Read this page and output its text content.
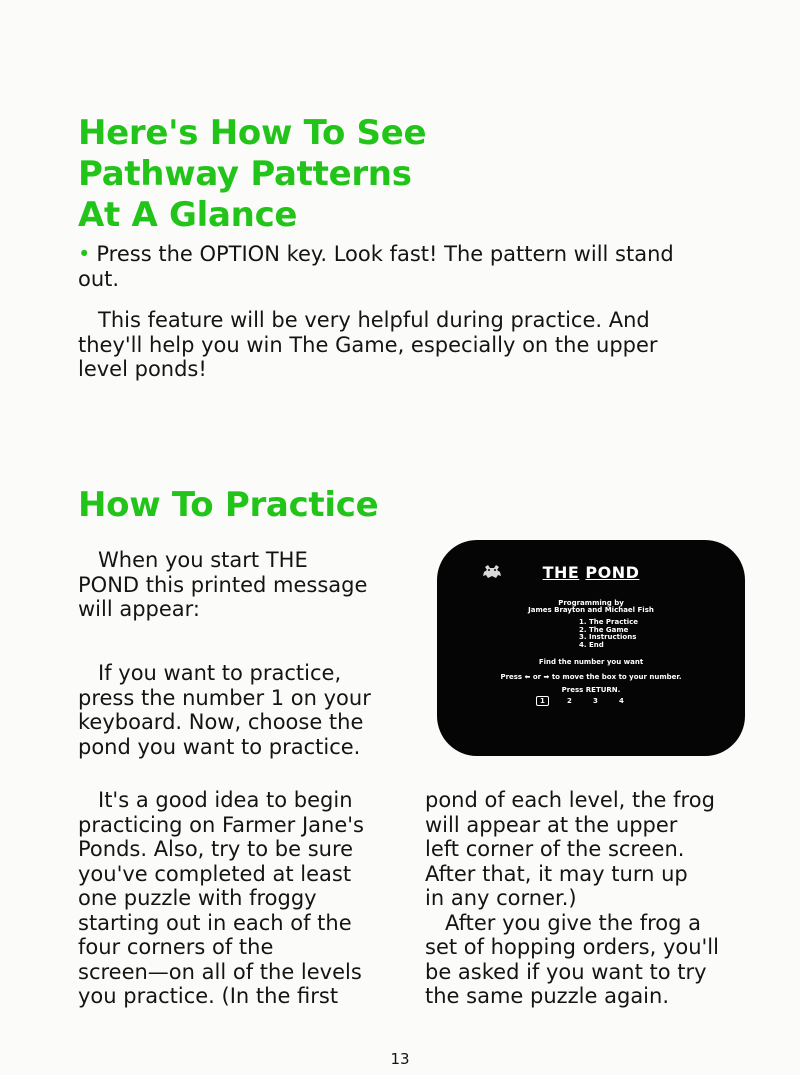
Here's How To See
Pathway Patterns
At A Glance

• Press the OPTION key. Look fast! The pattern will stand
out.

This feature will be very helpful during practice. And
they'll help you win The Game, especially on the upper
level ponds!

How To Practice

When you start THE
POND this printed message
will appear:

If you want to practice,
press the number 1 on your
keyboard. Now, choose the
pond you want to practice.

THE POND
Programming by
James Brayton and Michael Fish
1. The Practice
2. The Game
3. Instructions
4. End
Find the number you want
Press ⬅ or ➡ to move the box to your number.
Press RETURN.
1	2	3	4

It's a good idea to begin
practicing on Farmer Jane's
Ponds. Also, try to be sure
you've completed at least
one puzzle with froggy
starting out in each of the
four corners of the
screen—on all of the levels
you practice. (In the first

pond of each level, the frog
will appear at the upper
left corner of the screen.
After that, it may turn up
in any corner.)
After you give the frog a
set of hopping orders, you'll
be asked if you want to try
the same puzzle again.

13
